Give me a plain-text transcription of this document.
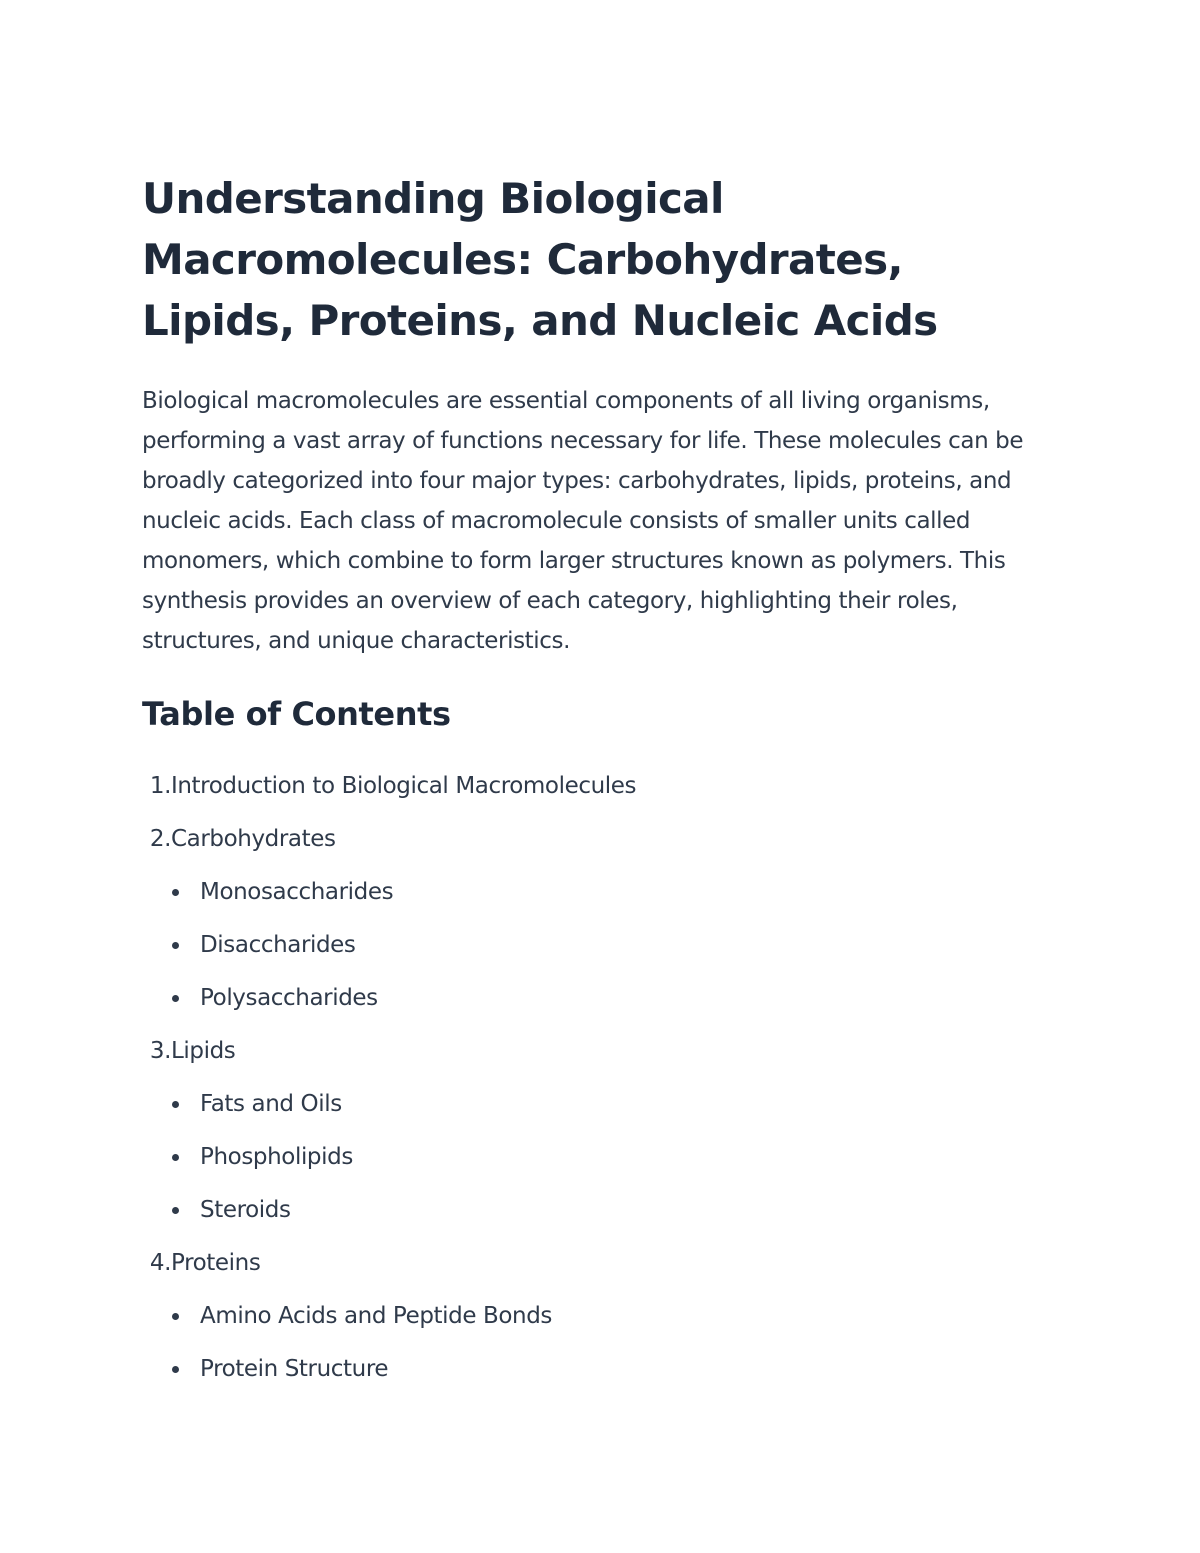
Understanding Biological Macromolecules: Carbohydrates, Lipids, Proteins, and Nucleic Acids

Biological macromolecules are essential components of all living organisms, performing a vast array of functions necessary for life. These molecules can be broadly categorized into four major types: carbohydrates, lipids, proteins, and nucleic acids. Each class of macromolecule consists of smaller units called monomers, which combine to form larger structures known as polymers. This synthesis provides an overview of each category, highlighting their roles, structures, and unique characteristics.

Table of Contents
1. Introduction to Biological Macromolecules
2. Carbohydrates
Monosaccharides
Disaccharides
Polysaccharides
3. Lipids
Fats and Oils
Phospholipids
Steroids
4. Proteins
Amino Acids and Peptide Bonds
Protein Structure
